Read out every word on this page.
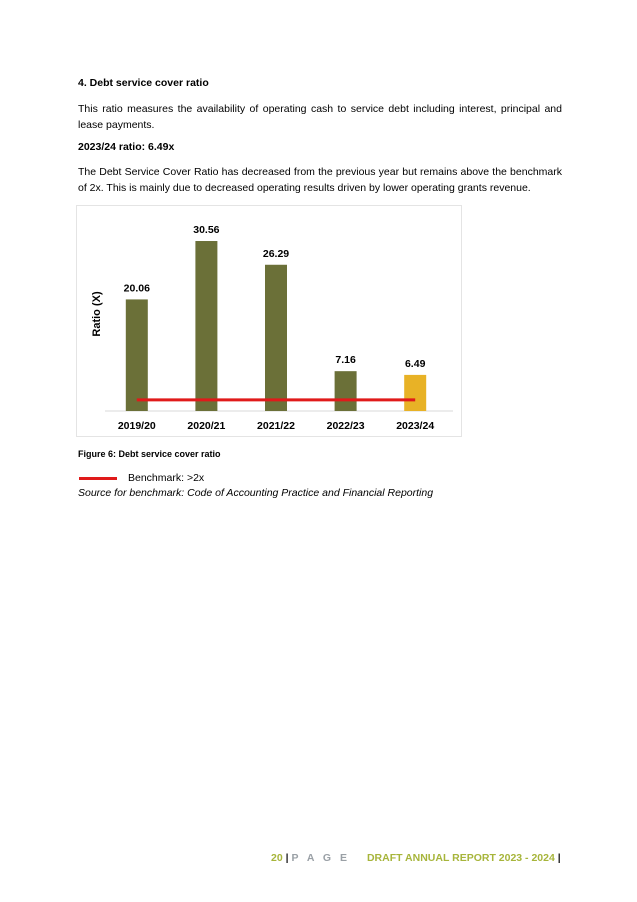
4. Debt service cover ratio
This ratio measures the availability of operating cash to service debt including interest, principal and lease payments.
2023/24 ratio: 6.49x
The Debt Service Cover Ratio has decreased from the previous year but remains above the benchmark of 2x. This is mainly due to decreased operating results driven by lower operating grants revenue.
Ratio (X)
20.06
2019/20
30.56
2020/21
26.29
2021/22
7.16
2022/23
6.49
2023/24
Figure 6: Debt service cover ratio
Benchmark: >2x
Source for benchmark: Code of Accounting Practice and Financial Reporting
20 | P A G E DRAFT ANNUAL REPORT 2023 - 2024 |
